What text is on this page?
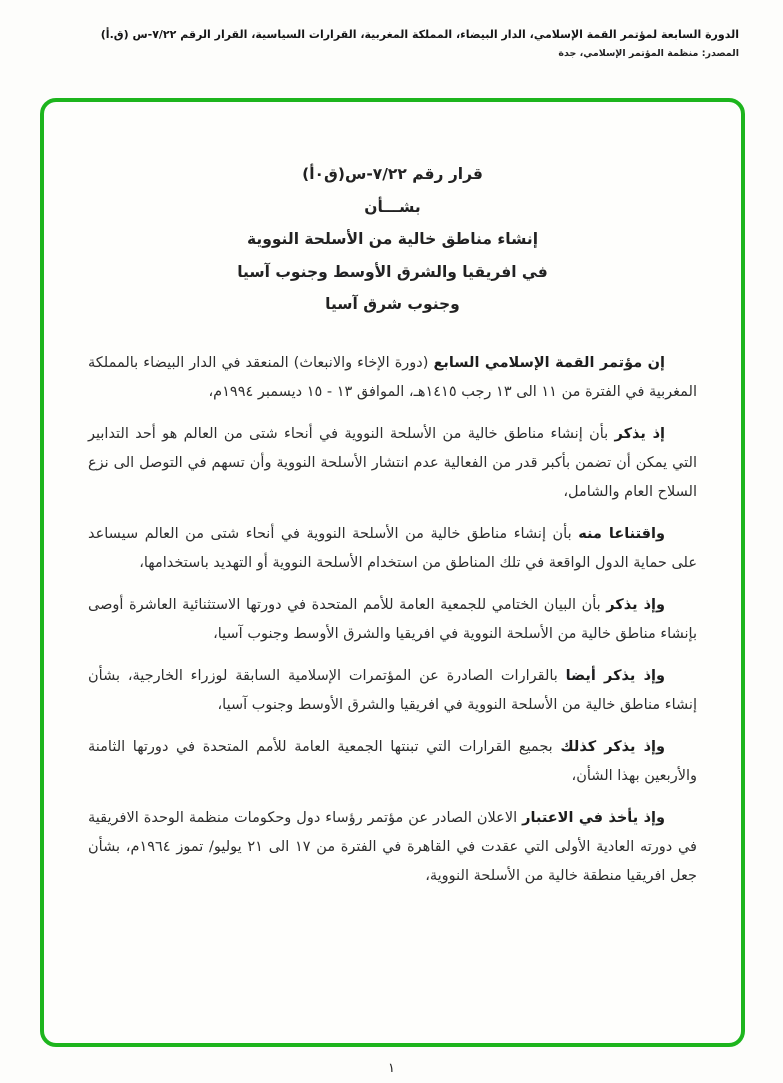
الدورة السابعة لمؤتمر القمة الإسلامي، الدار البيضاء، المملكة المغربية، القرارات السياسية، القرار الرقم ٧/٢٢-س (ق.أ)
المصدر: منظمة المؤتمر الإسلامي، جدة
قرار رقم ٧/٢٢-س(ق٠أ)
بشـــأن
إنشاء مناطق خالية من الأسلحة النووية
في افريقيا والشرق الأوسط وجنوب آسيا
وجنوب شرق آسيا

إن مؤتمر القمة الإسلامي السابع (دورة الإخاء والانبعاث) المنعقد في الدار البيضاء بالمملكة المغربية في الفترة من ١١ الى ١٣ رجب ١٤١٥هـ، الموافق ١٣ - ١٥ ديسمبر ١٩٩٤م،

إذ يذكر بأن إنشاء مناطق خالية من الأسلحة النووية في أنحاء شتى من العالم هو أحد التدابير التي يمكن أن تضمن بأكبر قدر من الفعالية عدم انتشار الأسلحة النووية وأن تسهم في التوصل الى نزع السلاح العام والشامل،

واقتناعا منه بأن إنشاء مناطق خالية من الأسلحة النووية في أنحاء شتى من العالم سيساعد على حماية الدول الواقعة في تلك المناطق من استخدام الأسلحة النووية أو التهديد باستخدامها،

وإذ يذكر بأن البيان الختامي للجمعية العامة للأمم المتحدة في دورتها الاستثنائية العاشرة أوصى بإنشاء مناطق خالية من الأسلحة النووية في افريقيا والشرق الأوسط وجنوب آسيا،

وإذ يذكر أيضا بالقرارات الصادرة عن المؤتمرات الإسلامية السابقة لوزراء الخارجية، بشأن إنشاء مناطق خالية من الأسلحة النووية في افريقيا والشرق الأوسط وجنوب آسيا،

وإذ يذكر كذلك بجميع القرارات التي تبنتها الجمعية العامة للأمم المتحدة في دورتها الثامنة والأربعين بهذا الشأن،

وإذ يأخذ في الاعتبار الاعلان الصادر عن مؤتمر رؤساء دول وحكومات منظمة الوحدة الافريقية في دورته العادية الأولى التي عقدت في القاهرة في الفترة من ١٧ الى ٢١ يوليو/ تموز ١٩٦٤م، بشأن جعل افريقيا منطقة خالية من الأسلحة النووية،

١
